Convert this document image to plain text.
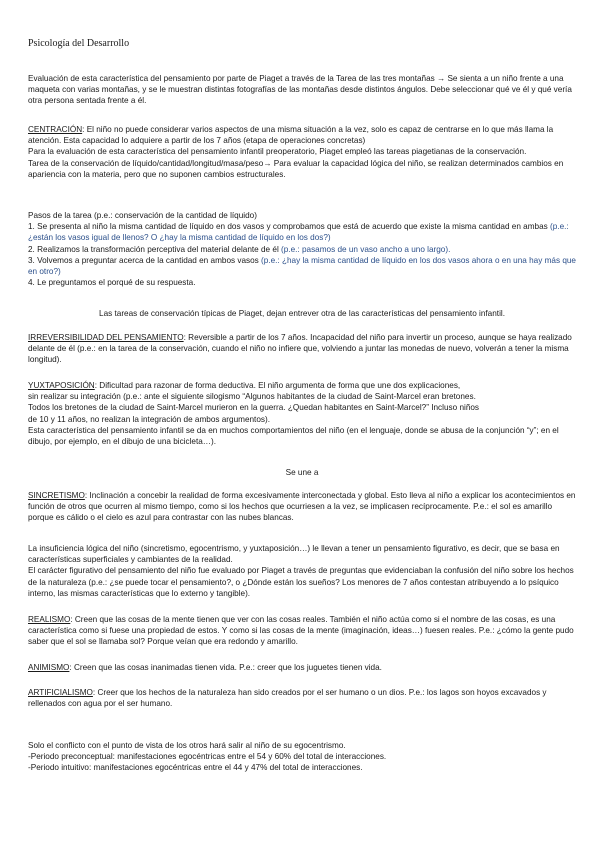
Psicología del Desarrollo

Evaluación de esta característica del pensamiento por parte de Piaget a través de la Tarea de las tres montañas → Se sienta a un niño frente a una maqueta con varias montañas, y se le muestran distintas fotografías de las montañas desde distintos ángulos. Debe seleccionar qué ve él y qué vería otra persona sentada frente a él.

CENTRACIÓN: El niño no puede considerar varios aspectos de una misma situación a la vez, solo es capaz de centrarse en lo que más llama la atención. Esta capacidad lo adquiere a partir de los 7 años (etapa de operaciones concretas)

Para la evaluación de esta característica del pensamiento infantil preoperatorio, Piaget empleó las tareas piagetianas de la conservación.

Tarea de la conservación de líquido/cantidad/longitud/masa/peso→ Para evaluar la capacidad lógica del niño, se realizan determinados cambios en apariencia con la materia, pero que no suponen cambios estructurales.

Pasos de la tarea (p.e.: conservación de la cantidad de líquido)

1. Se presenta al niño la misma cantidad de líquido en dos vasos y comprobamos que está de acuerdo que existe la misma cantidad en ambas (p.e.: ¿están los vasos igual de llenos? O ¿hay la misma cantidad de líquido en los dos?)

2. Realizamos la transformación perceptiva del material delante de él (p.e.: pasamos de un vaso ancho a uno largo).

3. Volvemos a preguntar acerca de la cantidad en ambos vasos (p.e.: ¿hay la misma cantidad de líquido en los dos vasos ahora o en una hay más que en otro?)

4. Le preguntamos el porqué de su respuesta.

Las tareas de conservación típicas de Piaget, dejan entrever otra de las características del pensamiento infantil.

IRREVERSIBILIDAD DEL PENSAMIENTO: Reversible a partir de los 7 años. Incapacidad del niño para invertir un proceso, aunque se haya realizado delante de él (p.e.: en la tarea de la conservación, cuando el niño no infiere que, volviendo a juntar las monedas de nuevo, volverán a tener la misma longitud).

YUXTAPOSICIÓN: Dificultad para razonar de forma deductiva. El niño argumenta de forma que une dos explicaciones,

sin realizar su integración (p.e.: ante el siguiente silogismo “Algunos habitantes de la ciudad de Saint-Marcel eran bretones.

Todos los bretones de la ciudad de Saint-Marcel murieron en la guerra. ¿Quedan habitantes en Saint-Marcel?” Incluso niños

de 10 y 11 años, no realizan la integración de ambos argumentos).

Esta característica del pensamiento infantil se da en muchos comportamientos del niño (en el lenguaje, donde se abusa de la conjunción “y”; en el dibujo, por ejemplo, en el dibujo de una bicicleta…).

Se une a

SINCRETISMO: Inclinación a concebir la realidad de forma excesivamente interconectada y global. Esto lleva al niño a explicar los acontecimientos en función de otros que ocurren al mismo tiempo, como si los hechos que ocurriesen a la vez, se implicasen recíprocamente. P.e.: el sol es amarillo porque es cálido o el cielo es azul para contrastar con las nubes blancas.

La insuficiencia lógica del niño (sincretismo, egocentrismo, y yuxtaposición…) le llevan a tener un pensamiento figurativo, es decir, que se basa en características superficiales y cambiantes de la realidad.

El carácter figurativo del pensamiento del niño fue evaluado por Piaget a través de preguntas que evidenciaban la confusión del niño sobre los hechos de la naturaleza (p.e.: ¿se puede tocar el pensamiento?, o ¿Dónde están los sueños? Los menores de 7 años contestan atribuyendo a lo psíquico interno, las mismas características que lo externo y tangible).

REALISMO: Creen que las cosas de la mente tienen que ver con las cosas reales. También el niño actúa como si el nombre de las cosas, es una característica como si fuese una propiedad de estos. Y como si las cosas de la mente (imaginación, ideas…) fuesen reales. P.e.: ¿cómo la gente pudo saber que el sol se llamaba sol? Porque veían que era redondo y amarillo.

ANIMISMO: Creen que las cosas inanimadas tienen vida. P.e.: creer que los juguetes tienen vida.

ARTIFICIALISMO: Creer que los hechos de la naturaleza han sido creados por el ser humano o un dios. P.e.: los lagos son hoyos excavados y rellenados con agua por el ser humano.

Solo el conflicto con el punto de vista de los otros hará salir al niño de su egocentrismo.

-Periodo preconceptual: manifestaciones egocéntricas entre el 54 y 60% del total de interacciones.

-Periodo intuitivo: manifestaciones egocéntricas entre el 44 y 47% del total de interacciones.
